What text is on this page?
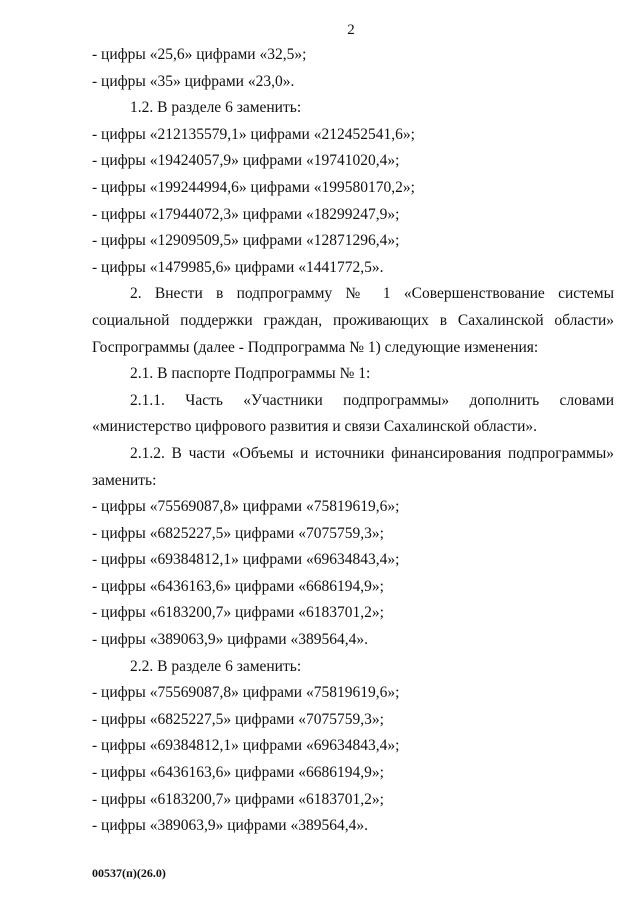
2
- цифры «25,6» цифрами «32,5»;
- цифры «35» цифрами «23,0».
1.2. В разделе 6 заменить:
- цифры «212135579,1» цифрами «212452541,6»;
- цифры «19424057,9» цифрами «19741020,4»;
- цифры «199244994,6» цифрами «199580170,2»;
- цифры «17944072,3» цифрами «18299247,9»;
- цифры «12909509,5» цифрами «12871296,4»;
- цифры «1479985,6» цифрами «1441772,5».
2. Внести в подпрограмму № 1 «Совершенствование системы
социальной поддержки граждан, проживающих в Сахалинской области»
Госпрограммы (далее - Подпрограмма № 1) следующие изменения:
2.1. В паспорте Подпрограммы № 1:
2.1.1. Часть «Участники подпрограммы» дополнить словами
«министерство цифрового развития и связи Сахалинской области».
2.1.2. В части «Объемы и источники финансирования подпрограммы»
заменить:
- цифры «75569087,8» цифрами «75819619,6»;
- цифры «6825227,5» цифрами «7075759,3»;
- цифры «69384812,1» цифрами «69634843,4»;
- цифры «6436163,6» цифрами «6686194,9»;
- цифры «6183200,7» цифрами «6183701,2»;
- цифры «389063,9» цифрами «389564,4».
2.2. В разделе 6 заменить:
- цифры «75569087,8» цифрами «75819619,6»;
- цифры «6825227,5» цифрами «7075759,3»;
- цифры «69384812,1» цифрами «69634843,4»;
- цифры «6436163,6» цифрами «6686194,9»;
- цифры «6183200,7» цифрами «6183701,2»;
- цифры «389063,9» цифрами «389564,4».
00537(п)(26.0)
